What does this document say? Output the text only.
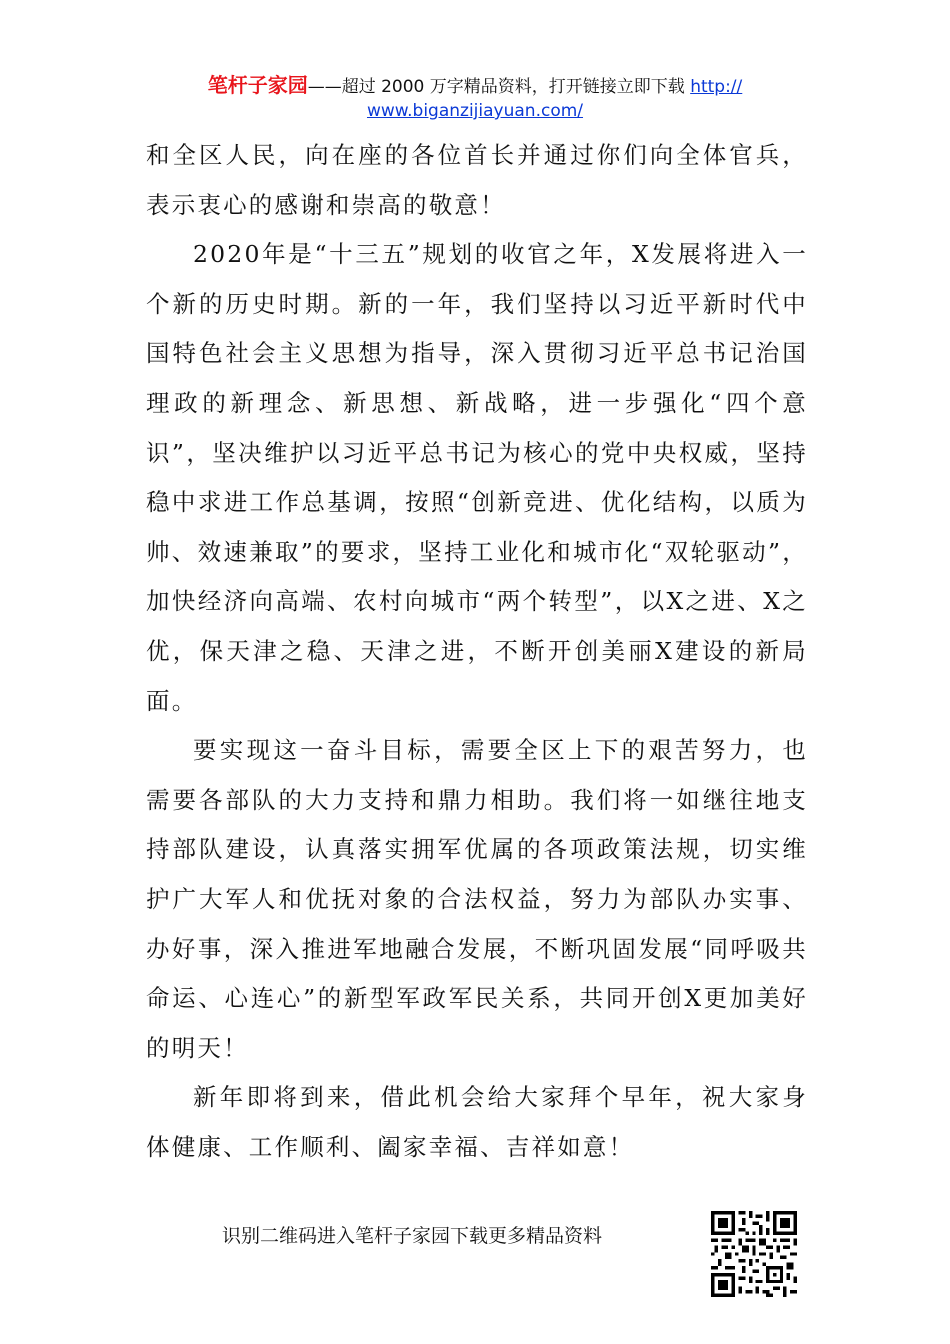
笔杆子家园——超过 2000 万字精品资料，打开链接立即下载 http://
www.biganzijiayuan.com/

和全区人民，向在座的各位首长并通过你们向全体官兵，表示衷心的感谢和崇高的敬意！

2020年是“十三五”规划的收官之年，X发展将进入一个新的历史时期。新的一年，我们坚持以习近平新时代中国特色社会主义思想为指导，深入贯彻习近平总书记治国理政的新理念、新思想、新战略，进一步强化“四个意识”，坚决维护以习近平总书记为核心的党中央权威，坚持稳中求进工作总基调，按照“创新竞进、优化结构，以质为帅、效速兼取”的要求，坚持工业化和城市化“双轮驱动”，加快经济向高端、农村向城市“两个转型”，以X之进、X之优，保天津之稳、天津之进，不断开创美丽X建设的新局面。

要实现这一奋斗目标，需要全区上下的艰苦努力，也需要各部队的大力支持和鼎力相助。我们将一如继往地支持部队建设，认真落实拥军优属的各项政策法规，切实维护广大军人和优抚对象的合法权益，努力为部队办实事、办好事，深入推进军地融合发展，不断巩固发展“同呼吸共命运、心连心”的新型军政军民关系，共同开创X更加美好的明天！

新年即将到来，借此机会给大家拜个早年，祝大家身体健康、工作顺利、阖家幸福、吉祥如意！

识别二维码进入笔杆子家园下载更多精品资料
